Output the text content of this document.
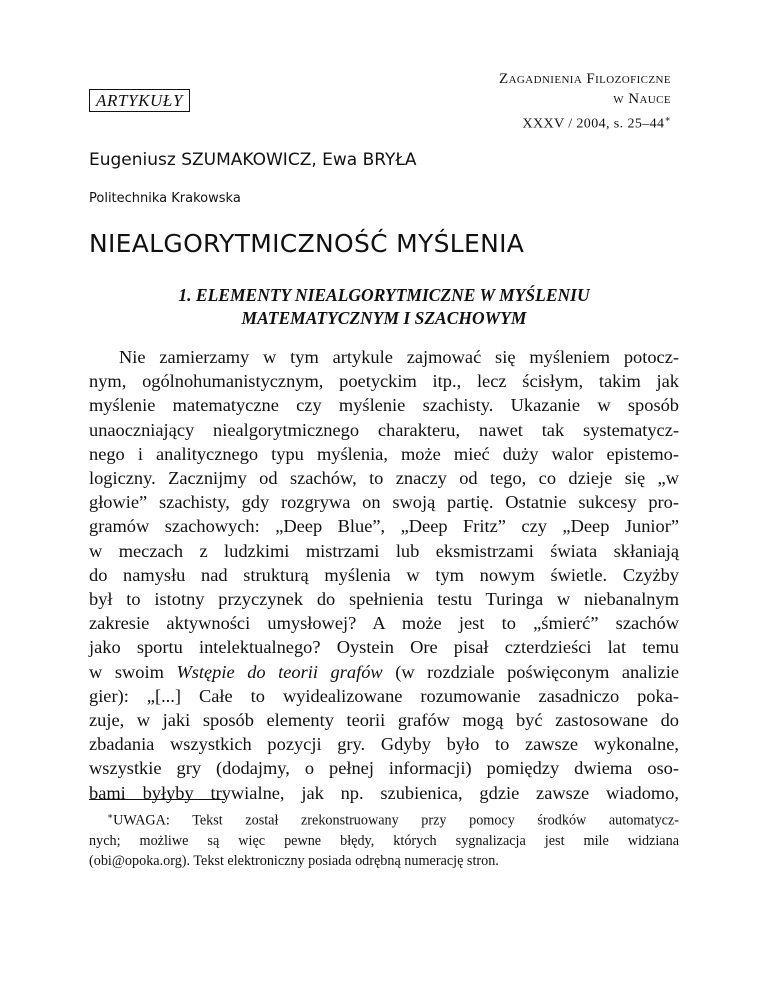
ARTYKUŁY
Zagadnienia Filozoficzne
w Nauce
XXXV / 2004, s. 25–44∗
Eugeniusz SZUMAKOWICZ, Ewa BRYŁA
Politechnika Krakowska
NIEALGORYTMICZNOŚĆ MYŚLENIA
1. ELEMENTY NIEALGORYTMICZNE W MYŚLENIU
MATEMATYCZNYM I SZACHOWYM
Nie zamierzamy w tym artykule zajmować się myśleniem potocz-
nym, ogólnohumanistycznym, poetyckim itp., lecz ścisłym, takim jak
myślenie matematyczne czy myślenie szachisty. Ukazanie w sposób
unaoczniający niealgorytmicznego charakteru, nawet tak systematycz-
nego i analitycznego typu myślenia, może mieć duży walor epistemo-
logiczny. Zacznijmy od szachów, to znaczy od tego, co dzieje się „w
głowie” szachisty, gdy rozgrywa on swoją partię. Ostatnie sukcesy pro-
gramów szachowych: „Deep Blue”, „Deep Fritz” czy „Deep Junior”
w meczach z ludzkimi mistrzami lub eksmistrzami świata skłaniają
do namysłu nad strukturą myślenia w tym nowym świetle. Czyżby
był to istotny przyczynek do spełnienia testu Turinga w niebanalnym
zakresie aktywności umysłowej? A może jest to „śmierć” szachów
jako sportu intelektualnego? Oystein Ore pisał czterdzieści lat temu
w swoim Wstępie do teorii grafów (w rozdziale poświęconym analizie
gier): „[...] Całe to wyidealizowane rozumowanie zasadniczo poka-
zuje, w jaki sposób elementy teorii grafów mogą być zastosowane do
zbadania wszystkich pozycji gry. Gdyby było to zawsze wykonalne,
wszystkie gry (dodajmy, o pełnej informacji) pomiędzy dwiema oso-
bami byłyby trywialne, jak np. szubienica, gdzie zawsze wiadomo,
∗UWAGA: Tekst został zrekonstruowany przy pomocy środków automatycz-
nych; możliwe są więc pewne błędy, których sygnalizacja jest mile widziana
(obi@opoka.org). Tekst elektroniczny posiada odrębną numerację stron.
